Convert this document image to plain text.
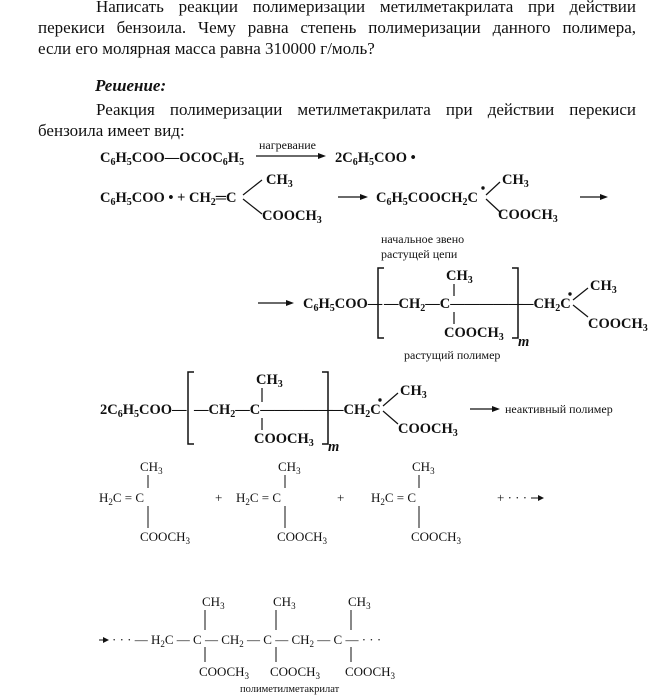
Написать реакции полимеризации метилметакрилата при действии

перекиси бензоила. Чему равна степень полимеризации данного полимера,

если его молярная масса равна 310000 г/моль?

Решение:

Реакция полимеризации метилметакрилата при действии перекиси

бензоила имеет вид:

$C_6H_5COO—OCOC_6H_5$
нагревание
$2C_6H_5COO$ •
$C_6H_5COO$ • + $CH_2═C$
$CH_3$
$COOCH_3$
$C_6H_5COOCH_2C$
$CH_3$
$COOCH_3$
начальное звено
растущей цепи
$C_6H_5COO—$ $—CH_2—C—————$
$CH_3$
$COOCH_3$ m
$—CH_2C$
$CH_3$
$COOCH_3$
растущий полимер
$2C_6H_5COO—$ $—CH_2—C—————$
$CH_3$
$COOCH_3$ m
$—CH_2C$
$CH_3$
$COOCH_3$
неактивный полимер
$CH_3$
$H_2C = C$
$COOCH_3$
+
$CH_3$
$H_2C = C$
$COOCH_3$
+
$CH_3$
$H_2C = C$
$COOCH_3$
+ · · ·
· · · — $H_2C$ — C — $CH_2$ — C — $CH_2$ — C — · · ·
$CH_3$
$COOCH_3$
$CH_3$
$COOCH_3$
$CH_3$
$COOCH_3$
полиметилметакрилат
